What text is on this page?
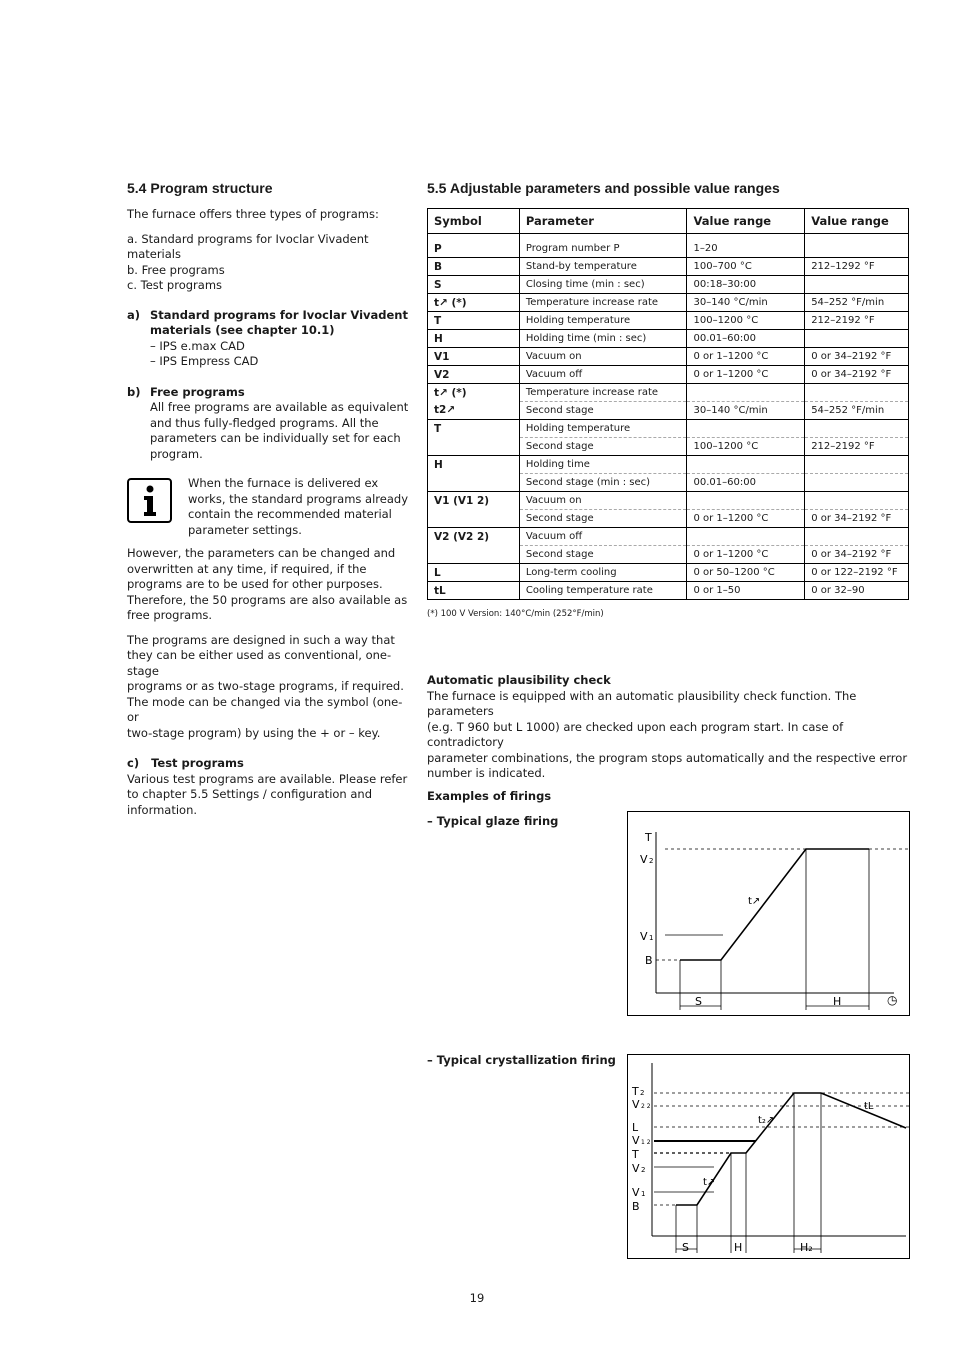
5.4 Program structure

The furnace offers three types of programs:

a. Standard programs for Ivoclar Vivadent materials

b. Free programs

c. Test programs

a) Standard programs for Ivoclar Vivadent

materials (see chapter 10.1)

– IPS e.max CAD
– IPS Empress CAD
b) Free programs

All free programs are available as equivalent

and thus fully-fledged programs. All the

parameters can be individually set for each

program.

When the furnace is delivered ex

works, the standard programs already

contain the recommended material

parameter settings.

However, the parameters can be changed and

overwritten at any time, if required, if the

programs are to be used for other purposes.

Therefore, the 50 programs are also available as

free programs.

The programs are designed in such a way that

they can be either used as conventional, one-stage

programs or as two-stage programs, if required.

The mode can be changed via the symbol (one- or

two-stage program) by using the + or – key.

c) Test programs

Various test programs are available. Please refer

to chapter 5.5 Settings / configuration and

information.

5.5 Adjustable parameters and possible value ranges
Symbol	Parameter	Value range	Value range

P	Program number P	1–20	
B	Stand-by temperature	100–700 °C	212–1292 °F
S	Closing time (min : sec)	00:18–30:00	
t↗ (*)	Temperature increase rate	30–140 °C/min	54–252 °F/min
T	Holding temperature	100–1200 °C	212–2192 °F
H	Holding time (min : sec)	00.01–60:00	
V1	Vacuum on	0 or 1–1200 °C	0 or 34–2192 °F
V2	Vacuum off	0 or 1–1200 °C	0 or 34–2192 °F
t↗ (*)	Temperature increase rate		
t2↗	Second stage	30–140 °C/min	54–252 °F/min
T	Holding temperature		
	Second stage	100–1200 °C	212–2192 °F
H	Holding time		
	Second stage (min : sec)	00.01–60:00	
V1 (V1 2)	Vacuum on		
	Second stage	0 or 1–1200 °C	0 or 34–2192 °F
V2 (V2 2)	Vacuum off		
	Second stage	0 or 1–1200 °C	0 or 34–2192 °F
L	Long-term cooling	0 or 50–1200 °C	0 or 122–2192 °F
tL	Cooling temperature rate	0 or 1–50	0 or 32–90
(*) 100 V Version: 140°C/min (252°F/min)

Automatic plausibility check

The furnace is equipped with an automatic plausibility check function. The parameters

(e.g. T 960 but L 1000) are checked upon each program start. In case of contradictory

parameter combinations, the program stops automatically and the respective error

number is indicated.

Examples of firings

– Typical glaze firing

– Typical crystallization firing

T
V 2
V 1
B
t↗
S	H	◷
T 2
V 2 2
L
V 1 2
T
V 2
V 1
B
t₂↗
t↗
tL
S	H	H₂
19
